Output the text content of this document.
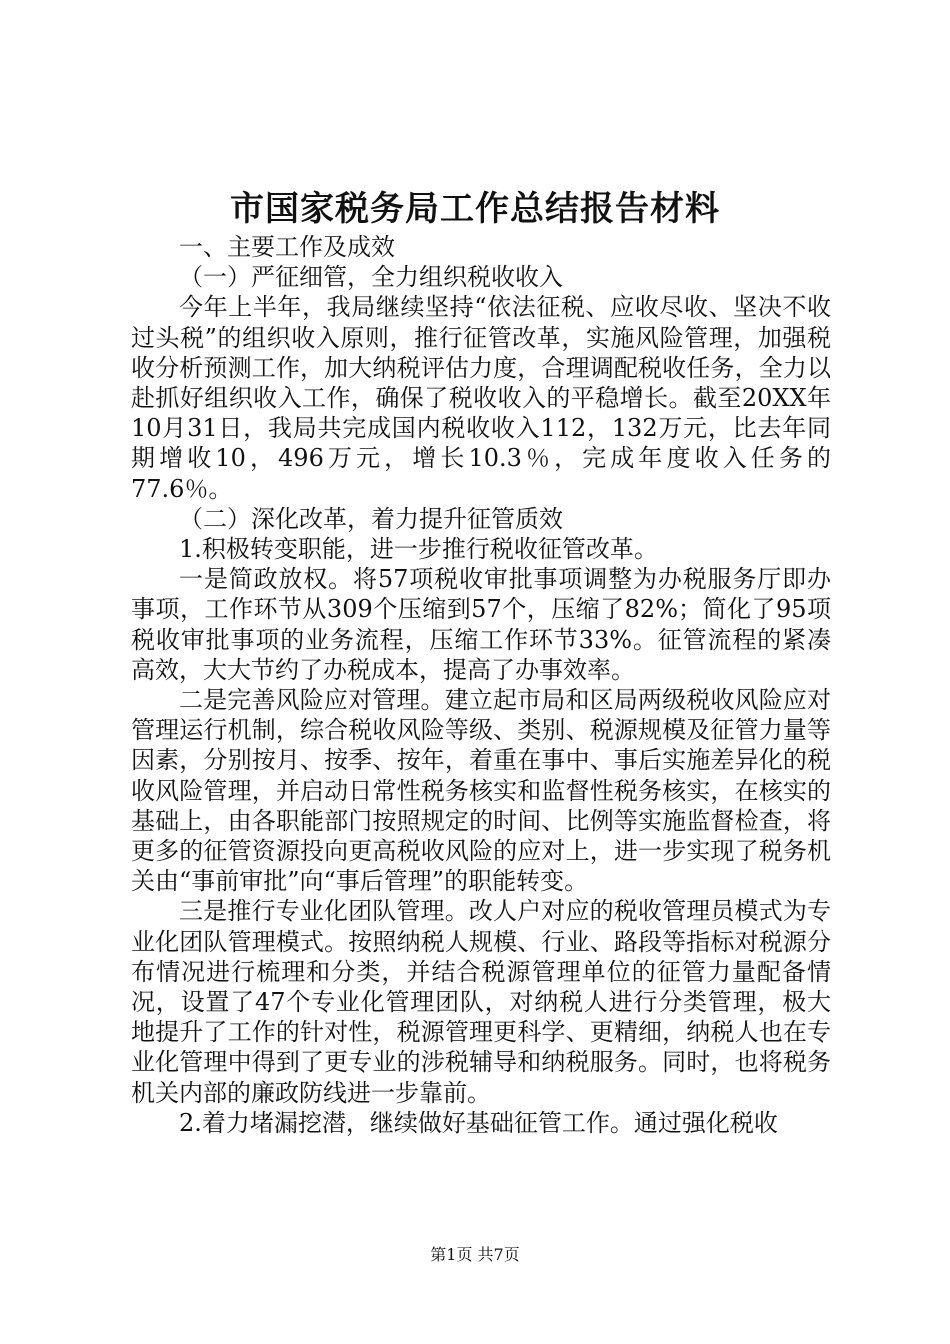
市国家税务局工作总结报告材料

一、主要工作及成效

（一）严征细管，全力组织税收收入

今年上半年，我局继续坚持“依法征税、应收尽收、坚决不收过头税”的组织收入原则，推行征管改革，实施风险管理，加强税收分析预测工作，加大纳税评估力度，合理调配税收任务，全力以赴抓好组织收入工作，确保了税收收入的平稳增长。截至20XX年10月31日，我局共完成国内税收收入112，132万元，比去年同期增收10，496万元，增长10.3％，完成年度收入任务的77.6％。

（二）深化改革，着力提升征管质效

1.积极转变职能，进一步推行税收征管改革。

一是简政放权。将57项税收审批事项调整为办税服务厅即办事项，工作环节从309个压缩到57个，压缩了82%；简化了95项税收审批事项的业务流程，压缩工作环节33%。征管流程的紧凑高效，大大节约了办税成本，提高了办事效率。

二是完善风险应对管理。建立起市局和区局两级税收风险应对管理运行机制，综合税收风险等级、类别、税源规模及征管力量等因素，分别按月、按季、按年，着重在事中、事后实施差异化的税收风险管理，并启动日常性税务核实和监督性税务核实，在核实的基础上，由各职能部门按照规定的时间、比例等实施监督检查，将更多的征管资源投向更高税收风险的应对上，进一步实现了税务机关由“事前审批”向“事后管理”的职能转变。

三是推行专业化团队管理。改人户对应的税收管理员模式为专业化团队管理模式。按照纳税人规模、行业、路段等指标对税源分布情况进行梳理和分类，并结合税源管理单位的征管力量配备情况，设置了47个专业化管理团队，对纳税人进行分类管理，极大地提升了工作的针对性，税源管理更科学、更精细，纳税人也在专业化管理中得到了更专业的涉税辅导和纳税服务。同时，也将税务机关内部的廉政防线进一步靠前。

2.着力堵漏挖潜，继续做好基础征管工作。通过强化税收

第1页 共7页
